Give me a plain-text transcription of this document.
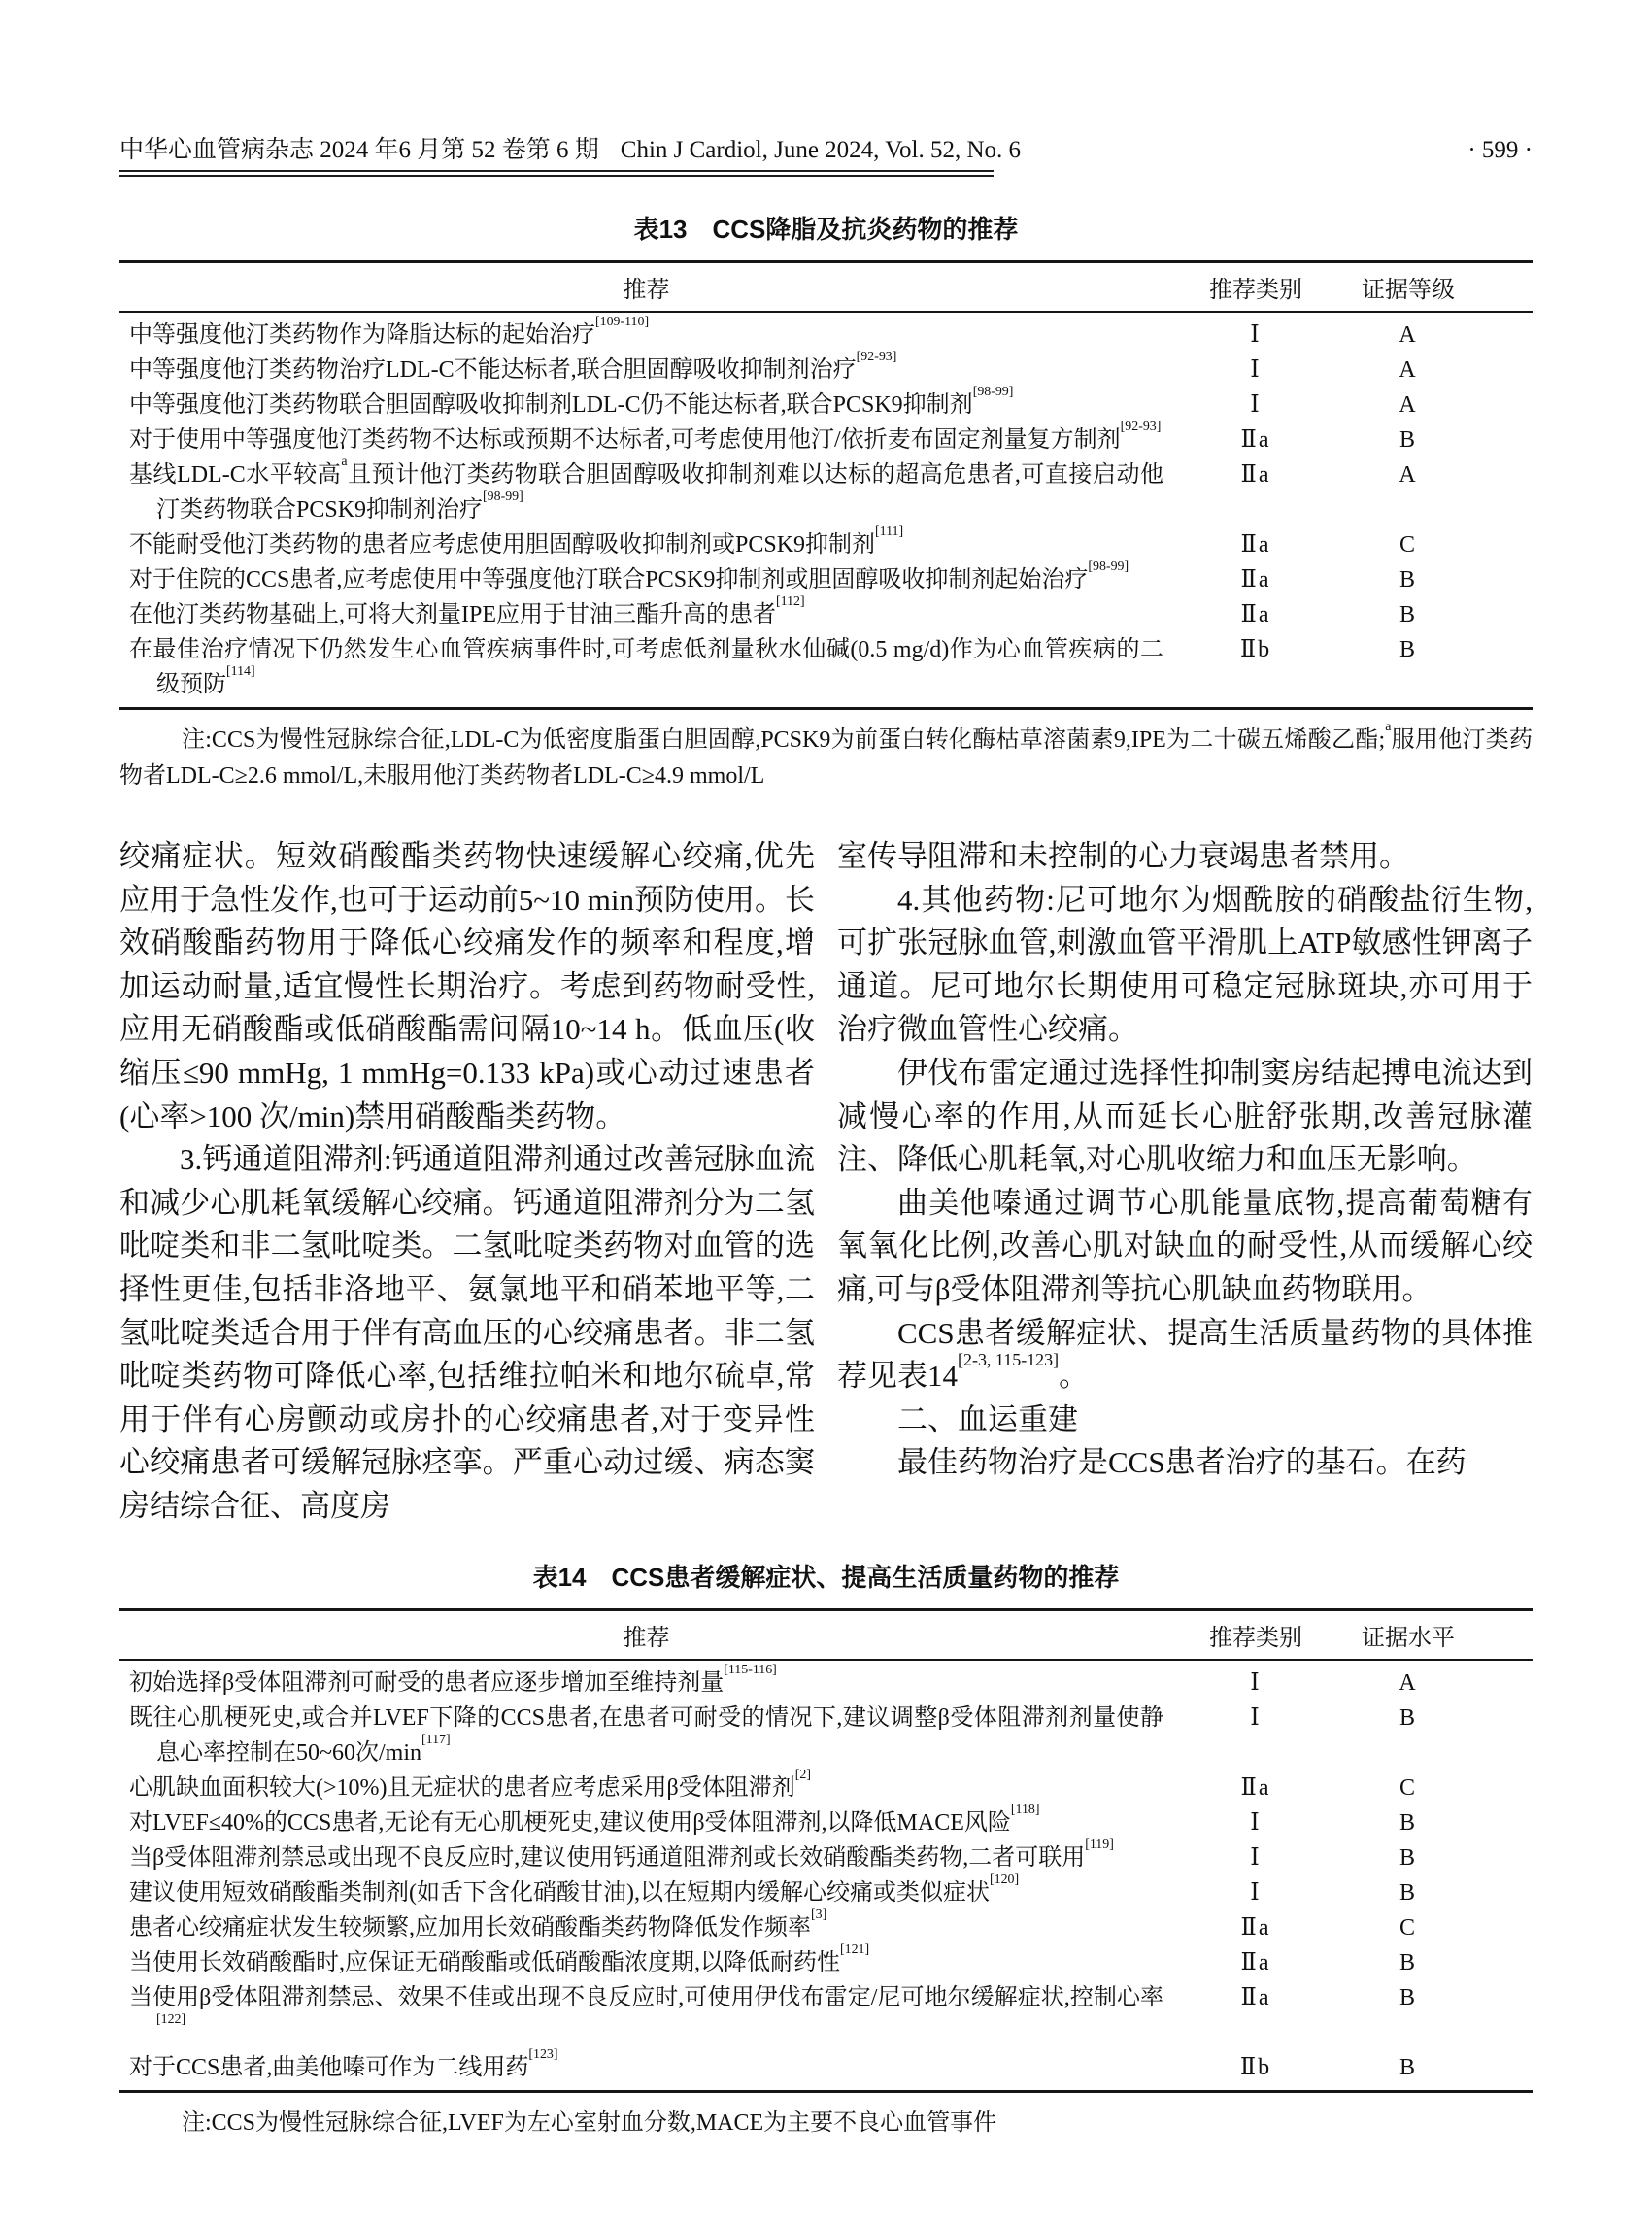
中华心血管病杂志 2024 年6 月第 52 卷第 6 期 Chin J Cardiol, June 2024, Vol. 52, No. 6	· 599 ·
表13 CCS降脂及抗炎药物的推荐
推荐	推荐类别	证据等级
中等强度他汀类药物作为降脂达标的起始治疗[109-110]	Ⅰ	A
中等强度他汀类药物治疗LDL-C不能达标者,联合胆固醇吸收抑制剂治疗[92-93]	Ⅰ	A
中等强度他汀类药物联合胆固醇吸收抑制剂LDL-C仍不能达标者,联合PCSK9抑制剂[98-99]	Ⅰ	A
对于使用中等强度他汀类药物不达标或预期不达标者,可考虑使用他汀/依折麦布固定剂量复方制剂[92-93]	Ⅱa	B
基线LDL-C水平较高$^a$且预计他汀类药物联合胆固醇吸收抑制剂难以达标的超高危患者,可直接启动他汀类药物联合PCSK9抑制剂治疗[98-99]	Ⅱa	A
不能耐受他汀类药物的患者应考虑使用胆固醇吸收抑制剂或PCSK9抑制剂[111]	Ⅱa	C
对于住院的CCS患者,应考虑使用中等强度他汀联合PCSK9抑制剂或胆固醇吸收抑制剂起始治疗[98-99]	Ⅱa	B
在他汀类药物基础上,可将大剂量IPE应用于甘油三酯升高的患者[112]	Ⅱa	B
在最佳治疗情况下仍然发生心血管疾病事件时,可考虑低剂量秋水仙碱(0.5 mg/d)作为心血管疾病的二级预防[114]	Ⅱb	B

注:CCS为慢性冠脉综合征,LDL-C为低密度脂蛋白胆固醇,PCSK9为前蛋白转化酶枯草溶菌素9,IPE为二十碳五烯酸乙酯;$^a$服用他汀类药物者LDL-C≥2.6 mmol/L,未服用他汀类药物者LDL-C≥4.9 mmol/L

绞痛症状。短效硝酸酯类药物快速缓解心绞痛,优先应用于急性发作,也可于运动前5~10 min预防使用。长效硝酸酯药物用于降低心绞痛发作的频率和程度,增加运动耐量,适宜慢性长期治疗。考虑到药物耐受性,应用无硝酸酯或低硝酸酯需间隔10~14 h。低血压(收缩压≤90 mmHg, 1 mmHg=0.133 kPa)或心动过速患者(心率>100 次/min)禁用硝酸酯类药物。

3.钙通道阻滞剂:钙通道阻滞剂通过改善冠脉血流和减少心肌耗氧缓解心绞痛。钙通道阻滞剂分为二氢吡啶类和非二氢吡啶类。二氢吡啶类药物对血管的选择性更佳,包括非洛地平、氨氯地平和硝苯地平等,二氢吡啶类适合用于伴有高血压的心绞痛患者。非二氢吡啶类药物可降低心率,包括维拉帕米和地尔硫卓,常用于伴有心房颤动或房扑的心绞痛患者,对于变异性心绞痛患者可缓解冠脉痉挛。严重心动过缓、病态窦房结综合征、高度房

室传导阻滞和未控制的心力衰竭患者禁用。

4.其他药物:尼可地尔为烟酰胺的硝酸盐衍生物,可扩张冠脉血管,刺激血管平滑肌上ATP敏感性钾离子通道。尼可地尔长期使用可稳定冠脉斑块,亦可用于治疗微血管性心绞痛。

伊伐布雷定通过选择性抑制窦房结起搏电流达到减慢心率的作用,从而延长心脏舒张期,改善冠脉灌注、降低心肌耗氧,对心肌收缩力和血压无影响。

曲美他嗪通过调节心肌能量底物,提高葡萄糖有氧氧化比例,改善心肌对缺血的耐受性,从而缓解心绞痛,可与β受体阻滞剂等抗心肌缺血药物联用。

CCS患者缓解症状、提高生活质量药物的具体推荐见表14[2-3, 115-123]。

二、血运重建

最佳药物治疗是CCS患者治疗的基石。在药

表14 CCS患者缓解症状、提高生活质量药物的推荐
推荐	推荐类别	证据水平
初始选择β受体阻滞剂可耐受的患者应逐步增加至维持剂量[115-116]	Ⅰ	A
既往心肌梗死史,或合并LVEF下降的CCS患者,在患者可耐受的情况下,建议调整β受体阻滞剂剂量使静息心率控制在50~60次/min[117]	Ⅰ	B
心肌缺血面积较大(>10%)且无症状的患者应考虑采用β受体阻滞剂[2]	Ⅱa	C
对LVEF≤40%的CCS患者,无论有无心肌梗死史,建议使用β受体阻滞剂,以降低MACE风险[118]	Ⅰ	B
当β受体阻滞剂禁忌或出现不良反应时,建议使用钙通道阻滞剂或长效硝酸酯类药物,二者可联用[119]	Ⅰ	B
建议使用短效硝酸酯类制剂(如舌下含化硝酸甘油),以在短期内缓解心绞痛或类似症状[120]	Ⅰ	B
患者心绞痛症状发生较频繁,应加用长效硝酸酯类药物降低发作频率[3]	Ⅱa	C
当使用长效硝酸酯时,应保证无硝酸酯或低硝酸酯浓度期,以降低耐药性[121]	Ⅱa	B
当使用β受体阻滞剂禁忌、效果不佳或出现不良反应时,可使用伊伐布雷定/尼可地尔缓解症状,控制心率[122]	Ⅱa	B
对于CCS患者,曲美他嗪可作为二线用药[123]	Ⅱb	B

注:CCS为慢性冠脉综合征,LVEF为左心室射血分数,MACE为主要不良心血管事件
